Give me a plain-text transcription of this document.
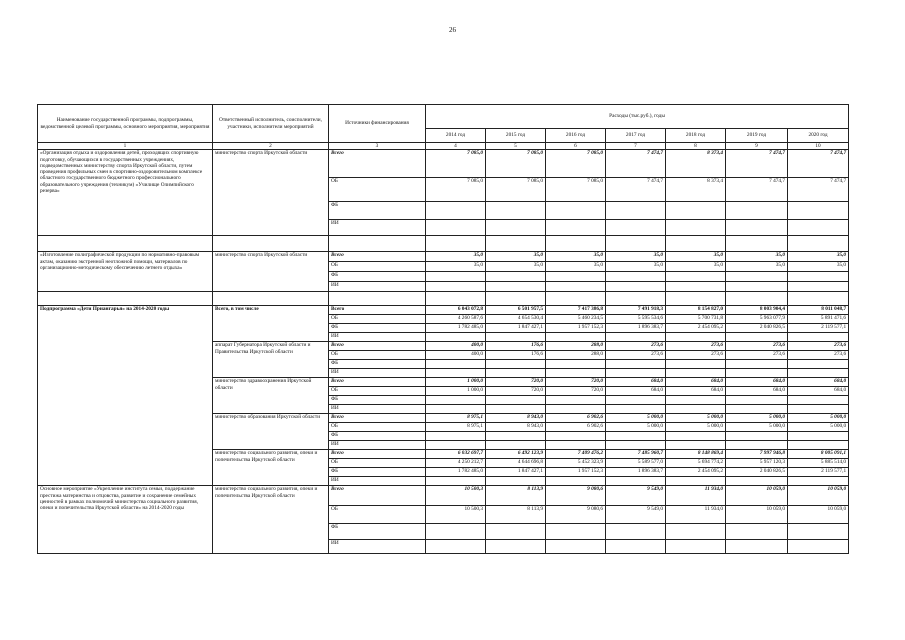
26
Наименование государственной программы, подпрограммы, ведомственной целевой программы, основного мероприятия, мероприятия	Ответственный исполнитель, соисполнители, участники, исполнители мероприятий	Источники финансирования	Расходы (тыс.руб.), годы						
			2014 год	2015 год	2016 год	2017 год	2018 год	2019 год	2020 год
1	2	3	4	5	6	7	8	9	10
«Организация отдыха и оздоровления детей, проходящих спортивную подготовку, обучающихся в государственных учреждениях, подведомственных министерству спорта Иркутской области, путем проведения профильных смен в спортивно-оздоровительном комплексе областного государственного бюджетного профессионального образовательного учреждения (техникум) «Училище Олимпийского резерва»	министерство спорта Иркутской области	Всего	7 085,0	7 085,0	7 085,0	7 474,7	8 373,4	7 474,7	7 474,7
		ОБ	7 085,0	7 085,0	7 085,0	7 474,7	8 373,4	7 474,7	7 474,7
		ФБ							
		ИИ							

«Изготовление полиграфической продукции по нормативно-правовым актам, оказанию экстренной неотложной помощи, материалов по организационно-методическому обеспечению летнего отдыха»	министерство спорта Иркутской области	Всего	35,0	35,0	35,0	35,0	35,0	35,0	35,0
		ОБ	35,0	35,0	35,0	35,0	35,0	35,0	35,0
		ФБ							
		ИИ							

Подпрограмма «Дети Приангарья» на 2014-2020 годы	Всего, в том числе	Всего	6 043 072,8	6 501 957,5	7 417 386,8	7 491 918,3	8 154 827,0	8 003 904,4	8 011 048,7
		ОБ	4 260 587,6	4 654 530,4	5 460 234,5	5 595 534,6	5 700 731,8	5 963 077,9	5 891 471,6
		ФБ	1 782 485,0	1 847 427,1	1 957 152,3	1 896 383,7	2 454 095,2	2 040 826,5	2 119 577,1
		ИИ							
	аппарат Губернатора Иркутской области и Правительства Иркутской области	Всего	400,0	176,6	288,0	273,6	273,6	273,6	273,6
		ОБ	400,0	176,6	288,0	273,6	273,6	273,6	273,6
		ФБ							
		ИИ							
	министерство здравоохранения Иркутской области	Всего	1 000,0	720,0	720,0	684,0	684,0	684,0	684,0
		ОБ	1 000,0	720,0	720,0	684,0	684,0	684,0	684,0
		ФБ							
		ИИ							
	министерство образования Иркутской области	Всего	8 975,1	8 943,0	6 902,6	5 000,0	5 000,0	5 000,0	5 000,0
		ОБ	8 975,1	8 943,0	6 902,6	5 000,0	5 000,0	5 000,0	5 000,0
		ФБ							
		ИИ							
	министерство социального развития, опеки и попечительства Иркутской области	Всего	6 032 697,7	6 492 123,9	7 409 476,2	7 485 960,7	8 148 869,4	7 997 946,8	8 005 091,1
		ОБ	4 250 212,7	4 644 696,8	5 452 323,9	5 589 577,0	5 694 774,2	5 957 120,3	5 885 514,0
		ФБ	1 782 485,0	1 847 427,1	1 957 152,3	1 896 383,7	2 454 095,2	2 040 826,5	2 119 577,1
		ИИ							
Основное мероприятие «Укрепление института семьи, поддержание престижа материнства и отцовства, развитие и сохранение семейных ценностей в рамках полномочий министерства социального развития, опеки и попечительства Иркутской области» на 2014-2020 годы	министерство социального развития, опеки и попечительства Иркутской области	Всего	10 500,3	8 113,9	9 080,6	9 549,0	11 934,0	10 059,0	10 059,0
		ОБ	10 500,3	8 113,9	9 080,6	9 549,0	11 934,0	10 059,0	10 059,0
		ФБ							
		ИИ							
